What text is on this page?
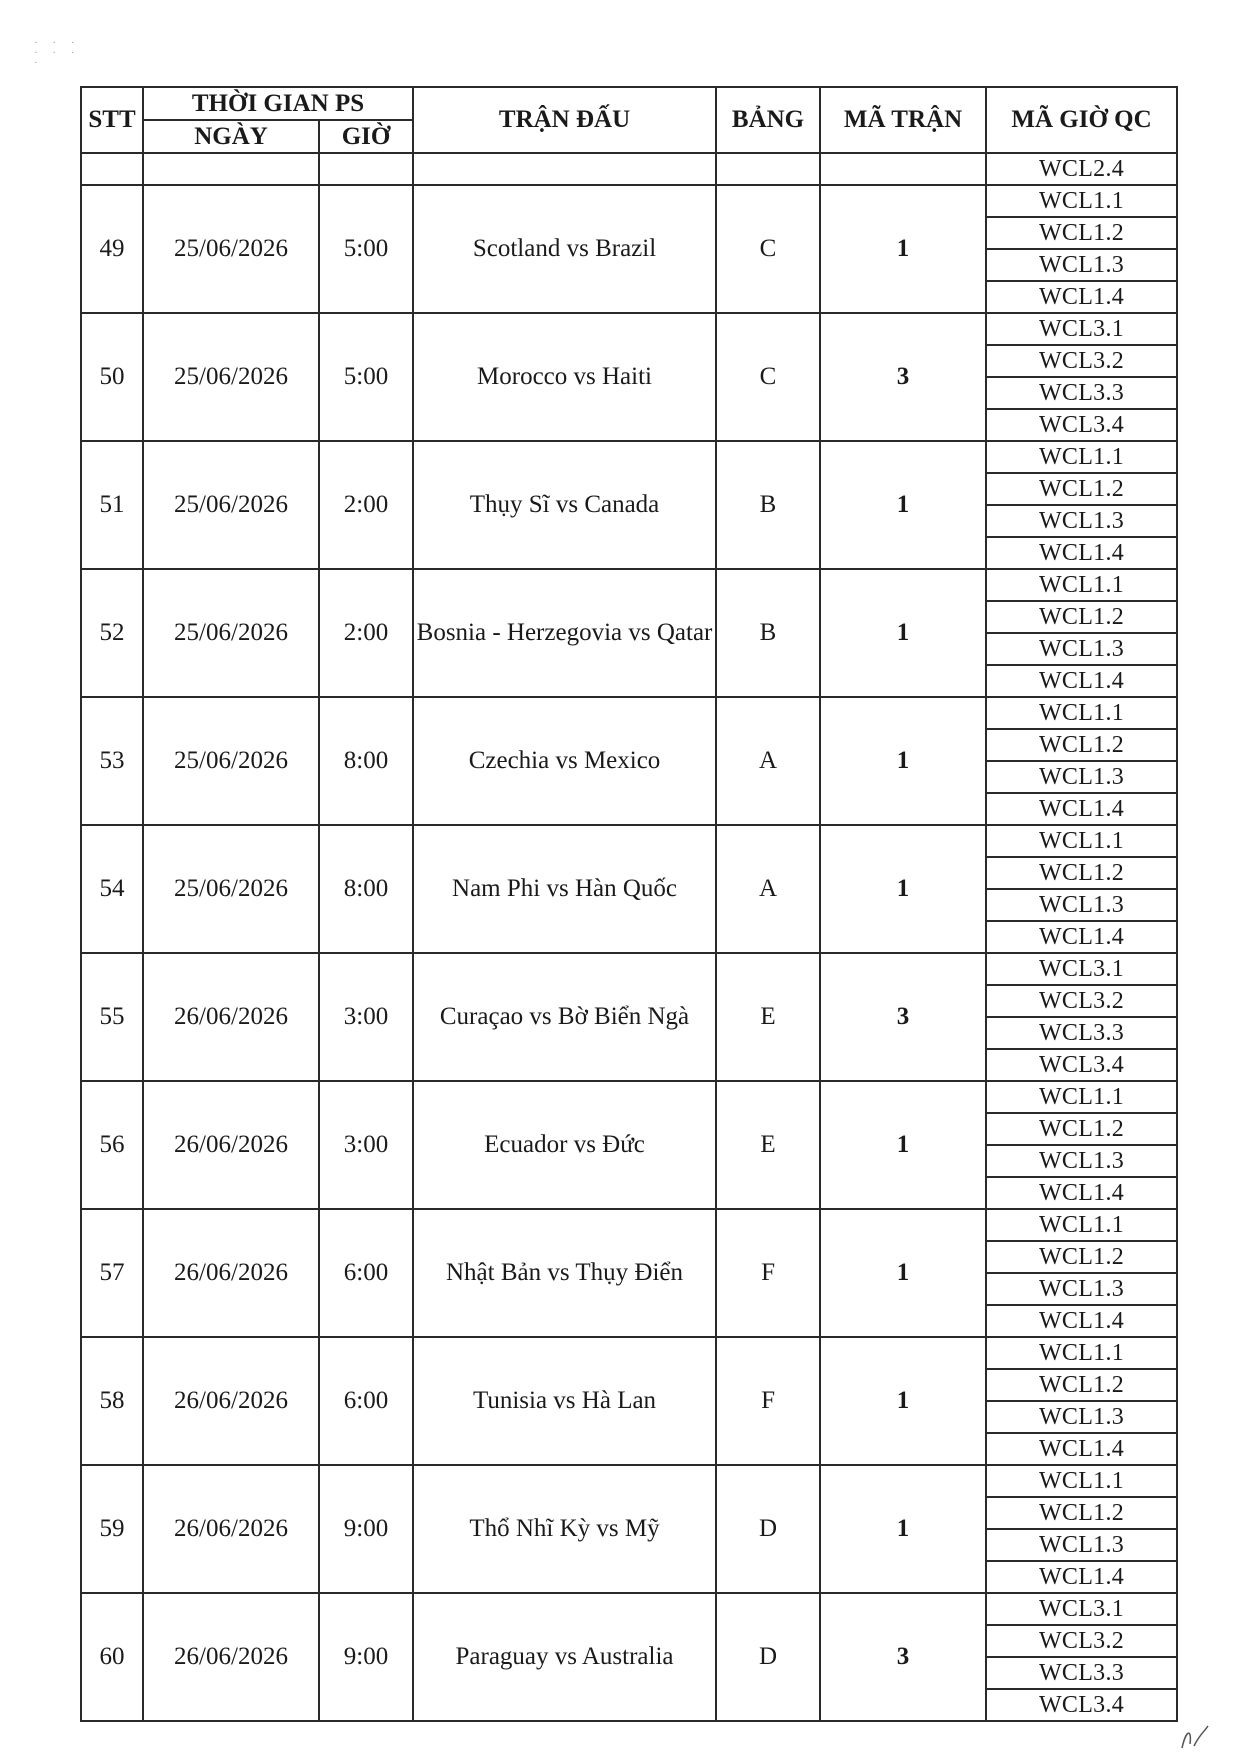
· · ·
· · ·
·
STT	THỜI GIAN PS		TRẬN ĐẤU	BẢNG	MÃ TRẬN	MÃ GIỜ QC
	NGÀY	GIỜ				
						WCL2.4
49	25/06/2026	5:00	Scotland vs Brazil	C	1	WCL1.1
						WCL1.2
						WCL1.3
						WCL1.4
50	25/06/2026	5:00	Morocco vs Haiti	C	3	WCL3.1
						WCL3.2
						WCL3.3
						WCL3.4
51	25/06/2026	2:00	Thụy Sĩ vs Canada	B	1	WCL1.1
						WCL1.2
						WCL1.3
						WCL1.4
52	25/06/2026	2:00	Bosnia - Herzegovia vs Qatar	B	1	WCL1.1
						WCL1.2
						WCL1.3
						WCL1.4
53	25/06/2026	8:00	Czechia vs Mexico	A	1	WCL1.1
						WCL1.2
						WCL1.3
						WCL1.4
54	25/06/2026	8:00	Nam Phi vs Hàn Quốc	A	1	WCL1.1
						WCL1.2
						WCL1.3
						WCL1.4
55	26/06/2026	3:00	Curaçao vs Bờ Biển Ngà	E	3	WCL3.1
						WCL3.2
						WCL3.3
						WCL3.4
56	26/06/2026	3:00	Ecuador vs Đức	E	1	WCL1.1
						WCL1.2
						WCL1.3
						WCL1.4
57	26/06/2026	6:00	Nhật Bản vs Thụy Điển	F	1	WCL1.1
						WCL1.2
						WCL1.3
						WCL1.4
58	26/06/2026	6:00	Tunisia vs Hà Lan	F	1	WCL1.1
						WCL1.2
						WCL1.3
						WCL1.4
59	26/06/2026	9:00	Thổ Nhĩ Kỳ vs Mỹ	D	1	WCL1.1
						WCL1.2
						WCL1.3
						WCL1.4
60	26/06/2026	9:00	Paraguay vs Australia	D	3	WCL3.1
						WCL3.2
						WCL3.3
						WCL3.4
